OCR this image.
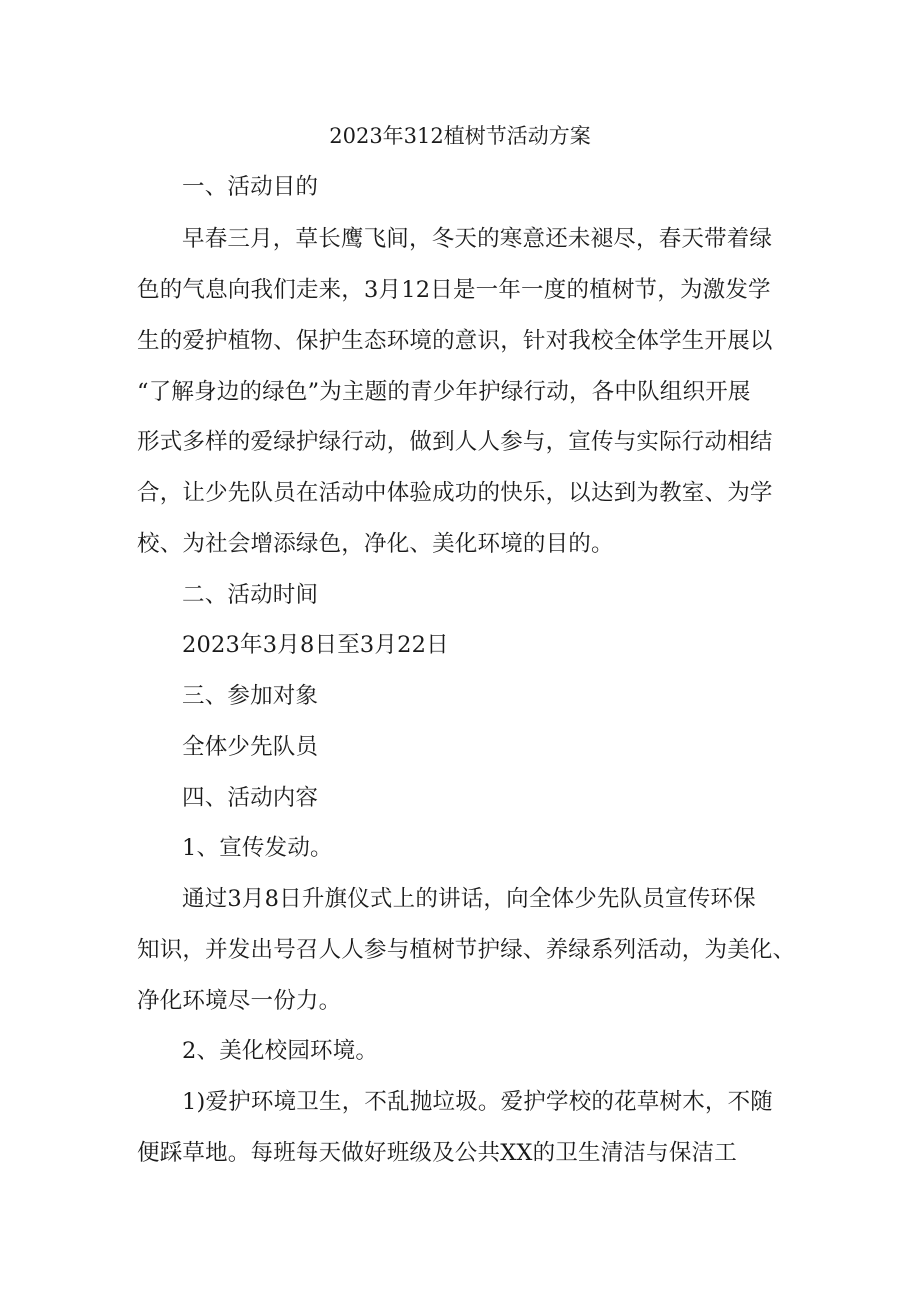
2023年312植树节活动方案
一、活动目的
早春三月，草长鹰飞间，冬天的寒意还未褪尽，春天带着绿
色的气息向我们走来，3月12日是一年一度的植树节，为激发学
生的爱护植物、保护生态环境的意识，针对我校全体学生开展以
“了解身边的绿色”为主题的青少年护绿行动，各中队组织开展
形式多样的爱绿护绿行动，做到人人参与，宣传与实际行动相结
合，让少先队员在活动中体验成功的快乐，以达到为教室、为学
校、为社会增添绿色，净化、美化环境的目的。
二、活动时间
2023年3月8日至3月22日
三、参加对象
全体少先队员
四、活动内容
1、宣传发动。
通过3月8日升旗仪式上的讲话，向全体少先队员宣传环保
知识，并发出号召人人参与植树节护绿、养绿系列活动，为美化、
净化环境尽一份力。
2、美化校园环境。
1)爱护环境卫生，不乱抛垃圾。爱护学校的花草树木，不随
便踩草地。每班每天做好班级及公共XX的卫生清洁与保洁工
